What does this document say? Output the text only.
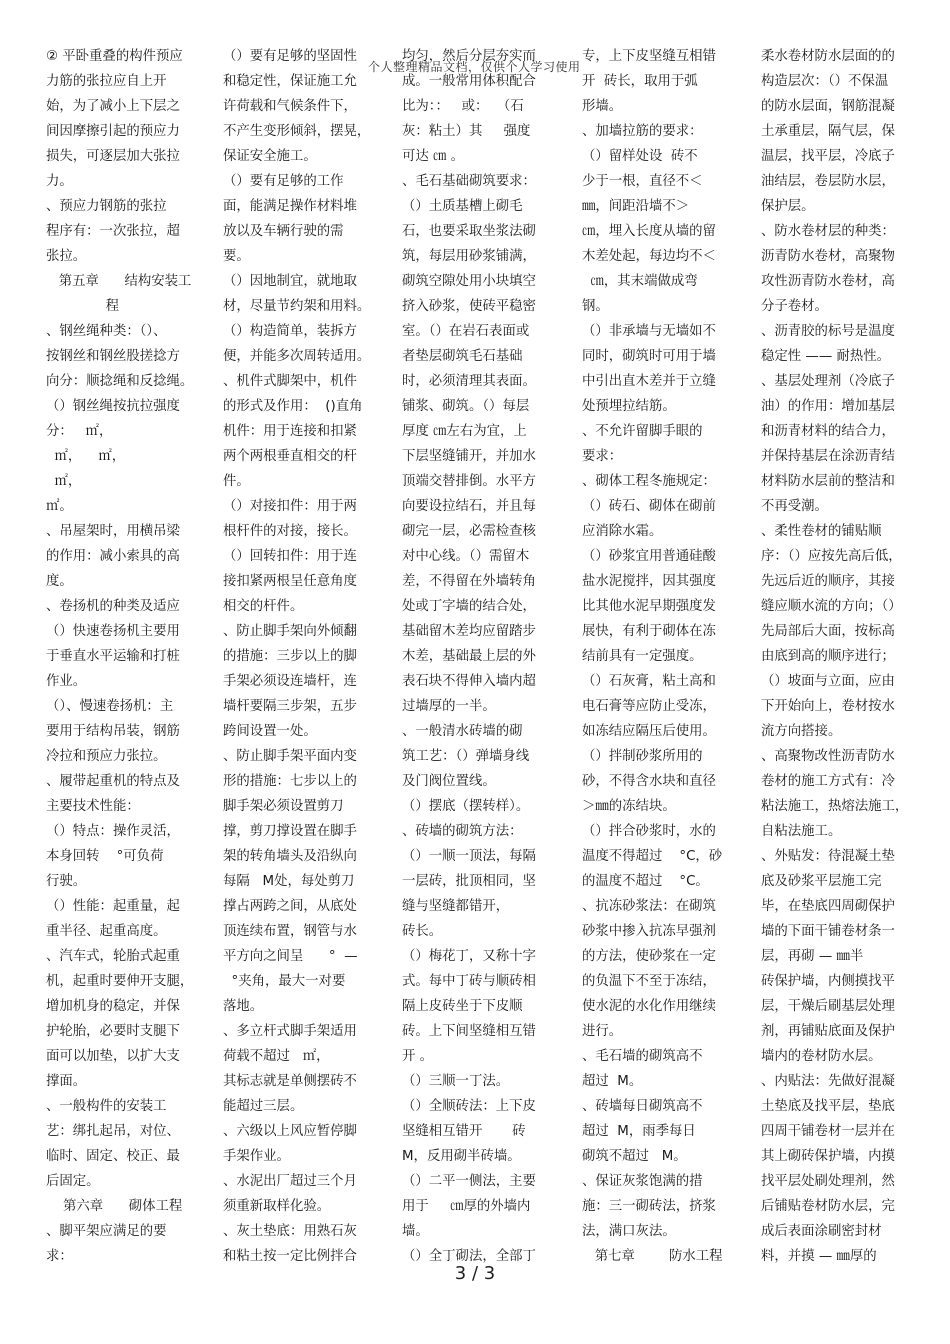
个人整理精品文档，仅供个人学习使用

② 平卧重叠的构件预应

力筋的张拉应自上开

始，为了减小上下层之

间因摩擦引起的预应力

损失，可逐层加大张拉

力。

、预应力钢筋的张拉

程序有：一次张拉，超

张拉。

第五章      结构安装工

程

、钢丝绳种类：（）、

按钢丝和钢丝股搓捻方

向分：顺捻绳和反捻绳。

（）钢丝绳按抗拉强度

分：   ㎡，

㎡，    ㎡，

㎡，

㎡。

、吊屋架时，用横吊梁

的作用：减小索具的高

度。

、卷扬机的种类及适应

（）快速卷扬机主要用

于垂直水平运输和打桩

作业。

（）、慢速卷扬机：主

要用于结构吊装，钢筋

冷拉和预应力张拉。

、履带起重机的特点及

主要技术性能：

（）特点：操作灵活，

本身回转    °可负荷

行驶。

（）性能：起重量，起

重半径、起重高度。

、汽车式，轮胎式起重

机，起重时要伸开支腿，

增加机身的稳定，并保

护轮胎，必要时支腿下

面可以加垫，以扩大支

撑面。

、一般构件的安装工

艺：绑扎起吊，对位、

临时、固定、校正、最

后固定。

第六章      砌体工程

、脚平架应满足的要

求：

（）要有足够的坚固性

和稳定性，保证施工允

许荷载和气候条件下，

不产生变形倾斜，摆晃，

保证安全施工。

（）要有足够的工作

面，能满足操作材料堆

放以及车辆行驶的需

要。

（）因地制宜，就地取

材，尽量节约架和用料。

（）构造简单，装拆方

便，并能多次周转适用。

、机件式脚架中，机件

的形式及作用：  ()直角

机件：用于连接和扣紧

两个两根垂直相交的杆

件。

（）对接扣件：用于两

根杆件的对接，接长。

（）回转扣件：用于连

接扣紧两根呈任意角度

相交的杆件。

、防止脚手架向外倾翻

的措施：三步以上的脚

手架必须设连墙杆，连

墙杆要隔三步架，五步

跨间设置一处。

、防止脚手架平面内变

形的措施：七步以上的

脚手架必须设置剪刀

撑，剪刀撑设置在脚手

架的转角墙头及沿纵向

每隔   M处，每处剪刀

撑占两跨之间，从底处

顶连续布置，钢管与水

平方向之间呈      °  —

°夹角，最大一对要

落地。

、多立杆式脚手架适用

荷载不超过   ㎡，

其标志就是单侧摆砖不

能超过三层。

、六级以上风应暂停脚

手架作业。

、水泥出厂超过三个月

须重新取样化验。

、灰土垫底：用熟石灰

和粘土按一定比例拌合

均匀，然后分层夯实而

成。一般常用体积配合

比为：：   或：  （石

灰：粘土）其     强度

可达 ㎝ 。

、毛石基础砌筑要求：

（）土质基槽上砌毛

石，也要采取坐浆法砌

筑，每层用砂浆铺满，

砌筑空隙处用小块填空

挤入砂浆，使砖平稳密

室。（）在岩石表面或

者垫层砌筑毛石基础

时，必须清理其表面。

铺浆、砌筑。（）每层

厚度 ㎝左右为宜，上

下层坚缝铺开，并加水

顶端交替排倒。水平方

向要设拉结石，并且每

砌完一层，必需检查核

对中心线。（）需留木

差，不得留在外墙转角

处或丁字墙的结合处，

基础留木差均应留踏步

木差，基础最上层的外

表石块不得伸入墙内超

过墙厚的一半。

、一般清水砖墙的砌

筑工艺：（）弹墙身线

及门阀位置线。

（）摆底（摆转样）。

、砖墙的砌筑方法：

（）一顺一顶法，每隔

一层砖，批顶相同，坚

缝与坚缝都错开，

砖长。

（）梅花丁，又称十字

式。每中丁砖与顺砖相

隔上皮砖坐于下皮顺

砖。上下间坚缝相互错

开 。

（）三顺一丁法。

（）全顺砖法：上下皮

坚缝相互错开       砖

M，反用砌半砖墙。

（）二平一侧法，主要

用于     ㎝厚的外墙内

墙。

（）全丁砌法，全部丁

专，上下皮坚缝互相错

开  砖长，取用于弧

形墙。

、加墙拉筋的要求：

（）留样处设  砖不

少于一根，直径不＜

㎜，间距沿墙不＞

㎝，埋入长度从墙的留

木差处起，每边均不＜

㎝，其末端做成弯

钢。

（）非承墙与无墙如不

同时，砌筑时可用于墙

中引出直木差并于立缝

处预埋拉结筋。

、不允许留脚手眼的

要求：

、砌体工程冬施规定：

（）砖石、砌体在砌前

应消除水霜。

（）砂浆宜用普通硅酸

盐水泥搅拌，因其强度

比其他水泥早期强度发

展快，有利于砌体在冻

结前具有一定强度。

（）石灰膏，粘土高和

电石膏等应防止受冻，

如冻结应隔压后使用。

（）拌制砂浆所用的

砂，不得含水块和直径

＞㎜的冻结块。

（）拌合砂浆时，水的

温度不得超过    °C，砂

的温度不超过    °C。

、抗冻砂浆法：在砌筑

砂浆中掺入抗冻早强剂

的方法，使砂浆在一定

的负温下不至于冻结，

使水泥的水化作用继续

进行。

、毛石墙的砌筑高不

超过  M。

、砖墙每日砌筑高不

超过  M，雨季每日

砌筑不超过   M。

、保证灰浆饱满的措

施：三一砌砖法，挤浆

法，满口灰法。

第七章        防水工程

柔水卷材防水层面的的

构造层次：（）不保温

的防水层面，钢筋混凝

土承重层，隔气层，保

温层，找平层，冷底子

油结层，卷层防水层，

保护层。

、防水卷材层的种类：

沥青防水卷材，高聚物

攻性沥青防水卷材，高

分子卷材。

、沥青胶的标号是温度

稳定性 —— 耐热性。

、基层处理剂（冷底子

油）的作用：增加基层

和沥青材料的结合力，

并保持基层在涂沥青结

材料防水层前的整洁和

不再受潮。

、柔性卷材的铺贴顺

序：（）应按先高后低，

先远后近的顺序，其接

缝应顺水流的方向；（）

先局部后大面，按标高

由底到高的顺序进行；

（）坡面与立面，应由

下开始向上，卷材按水

流方向搭接。

、高聚物改性沥青防水

卷材的施工方式有：冷

粘法施工，热熔法施工，

自粘法施工。

、外贴发：待混凝土垫

底及砂浆平层施工完

毕，在垫底四周砌保护

墙的下面干铺卷材条一

层，再砌 — ㎜半

砖保护墙，内侧摸找平

层，干燥后刷基层处理

剂，再铺贴底面及保护

墙内的卷材防水层。

、内贴法：先做好混凝

土垫底及找平层，垫底

四周干铺卷材一层并在

其上砌砖保护墙，内摸

找平层处刷处理剂，然

后铺贴卷材防水层，完

成后表面涂刷密封材

料，并摸 — ㎜厚的

3 / 3
